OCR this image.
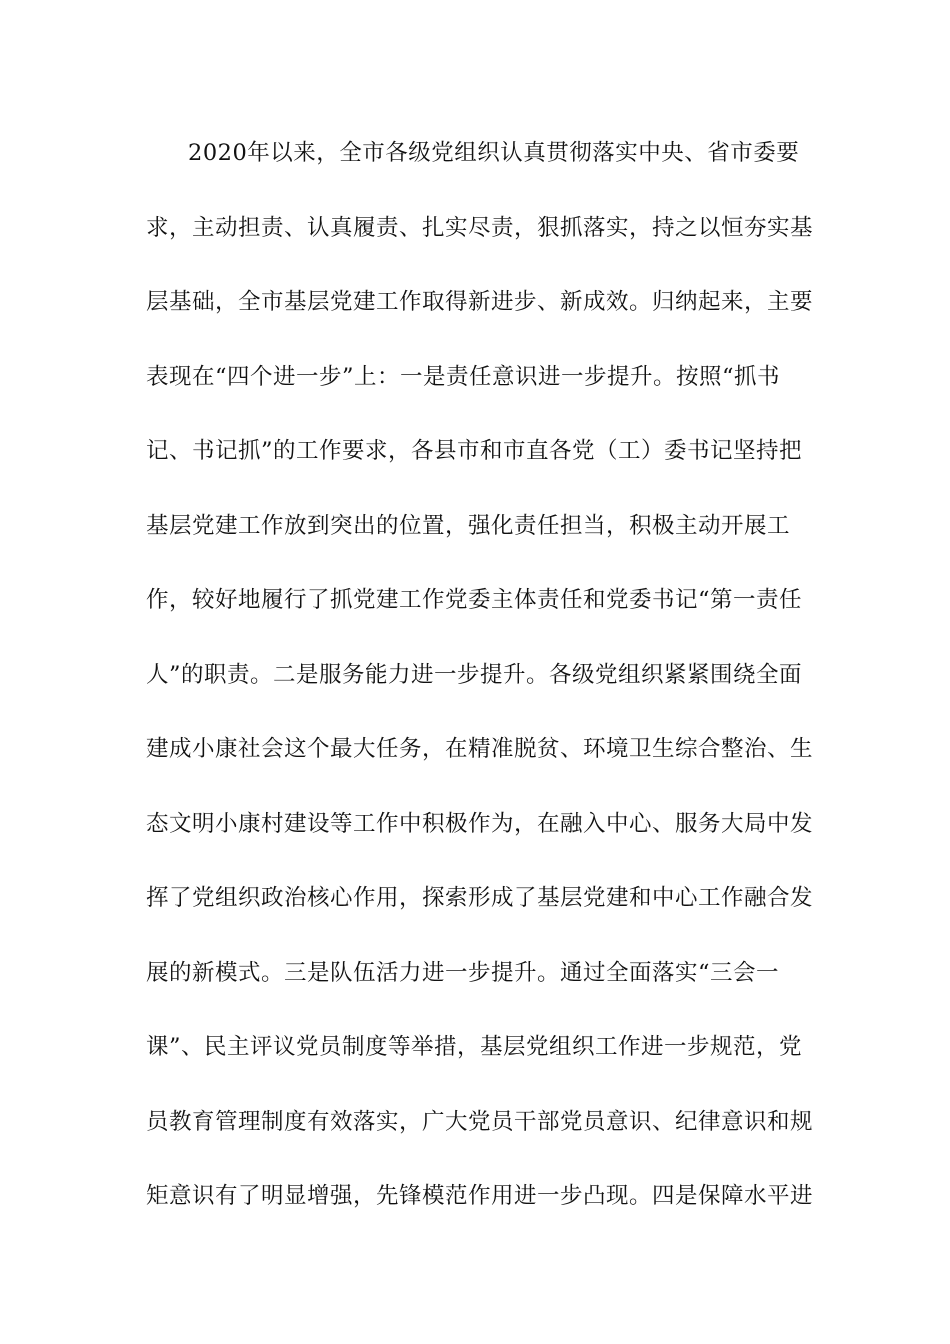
2020年以来，全市各级党组织认真贯彻落实中央、省市委要
求，主动担责、认真履责、扎实尽责，狠抓落实，持之以恒夯实基
层基础，全市基层党建工作取得新进步、新成效。归纳起来，主要
表现在“四个进一步”上：一是责任意识进一步提升。按照“抓书
记、书记抓”的工作要求，各县市和市直各党（工）委书记坚持把
基层党建工作放到突出的位置，强化责任担当，积极主动开展工
作，较好地履行了抓党建工作党委主体责任和党委书记“第一责任
人”的职责。二是服务能力进一步提升。各级党组织紧紧围绕全面
建成小康社会这个最大任务，在精准脱贫、环境卫生综合整治、生
态文明小康村建设等工作中积极作为，在融入中心、服务大局中发
挥了党组织政治核心作用，探索形成了基层党建和中心工作融合发
展的新模式。三是队伍活力进一步提升。通过全面落实“三会一
课”、民主评议党员制度等举措，基层党组织工作进一步规范，党
员教育管理制度有效落实，广大党员干部党员意识、纪律意识和规
矩意识有了明显增强，先锋模范作用进一步凸现。四是保障水平进
